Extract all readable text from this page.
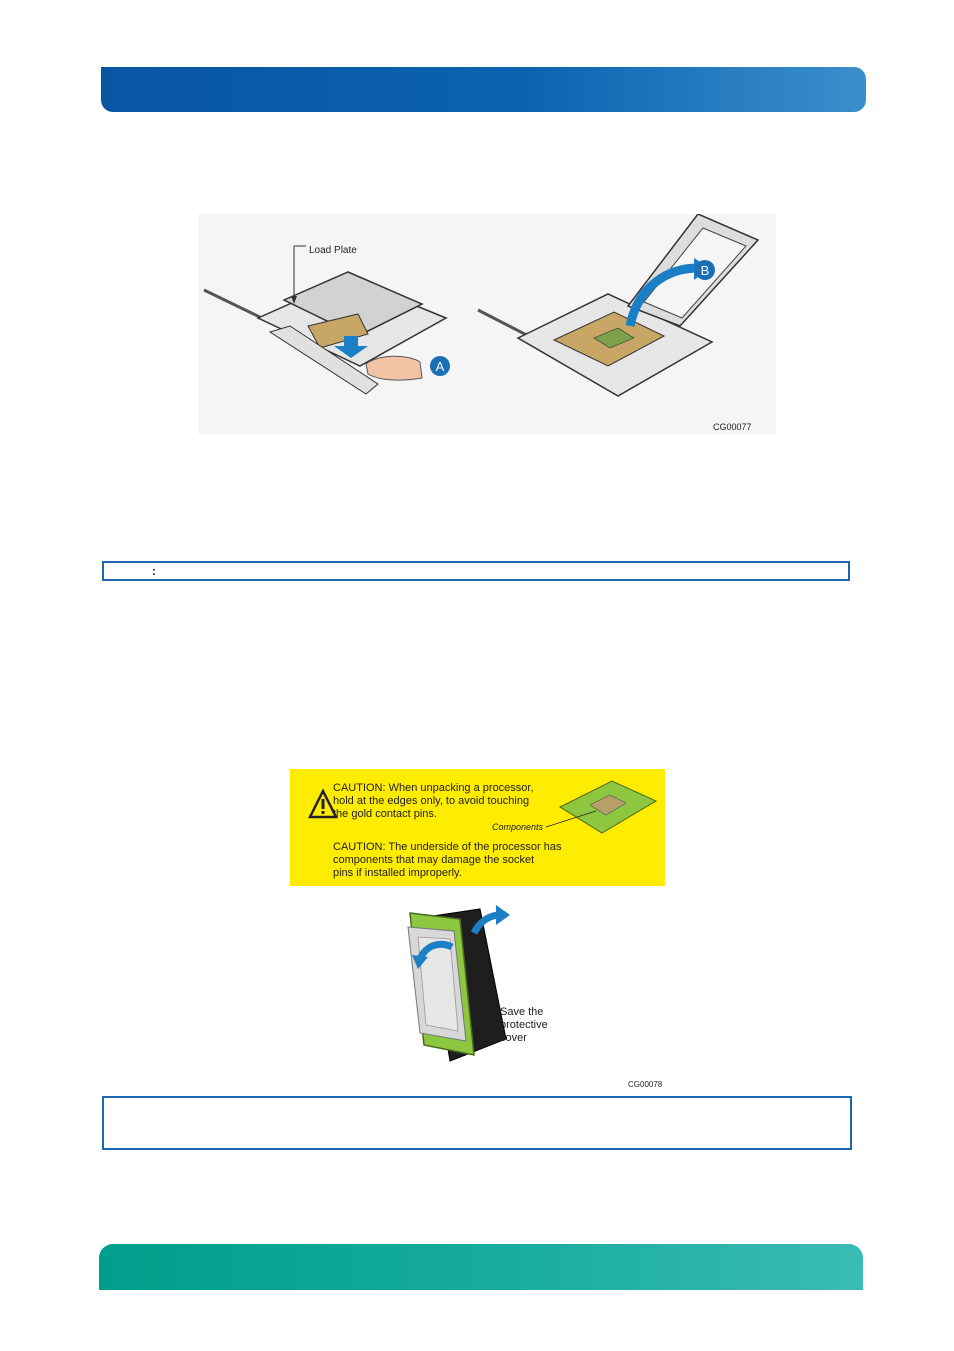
Load Plate
A
B
CG00077
:
CAUTION: When unpacking a processor,
hold at the edges only, to avoid touching
the gold contact pins.
CAUTION: The underside of the processor has
components that may damage the socket
pins if installed improperly.
Components
Save the
protective
cover
CG00078
